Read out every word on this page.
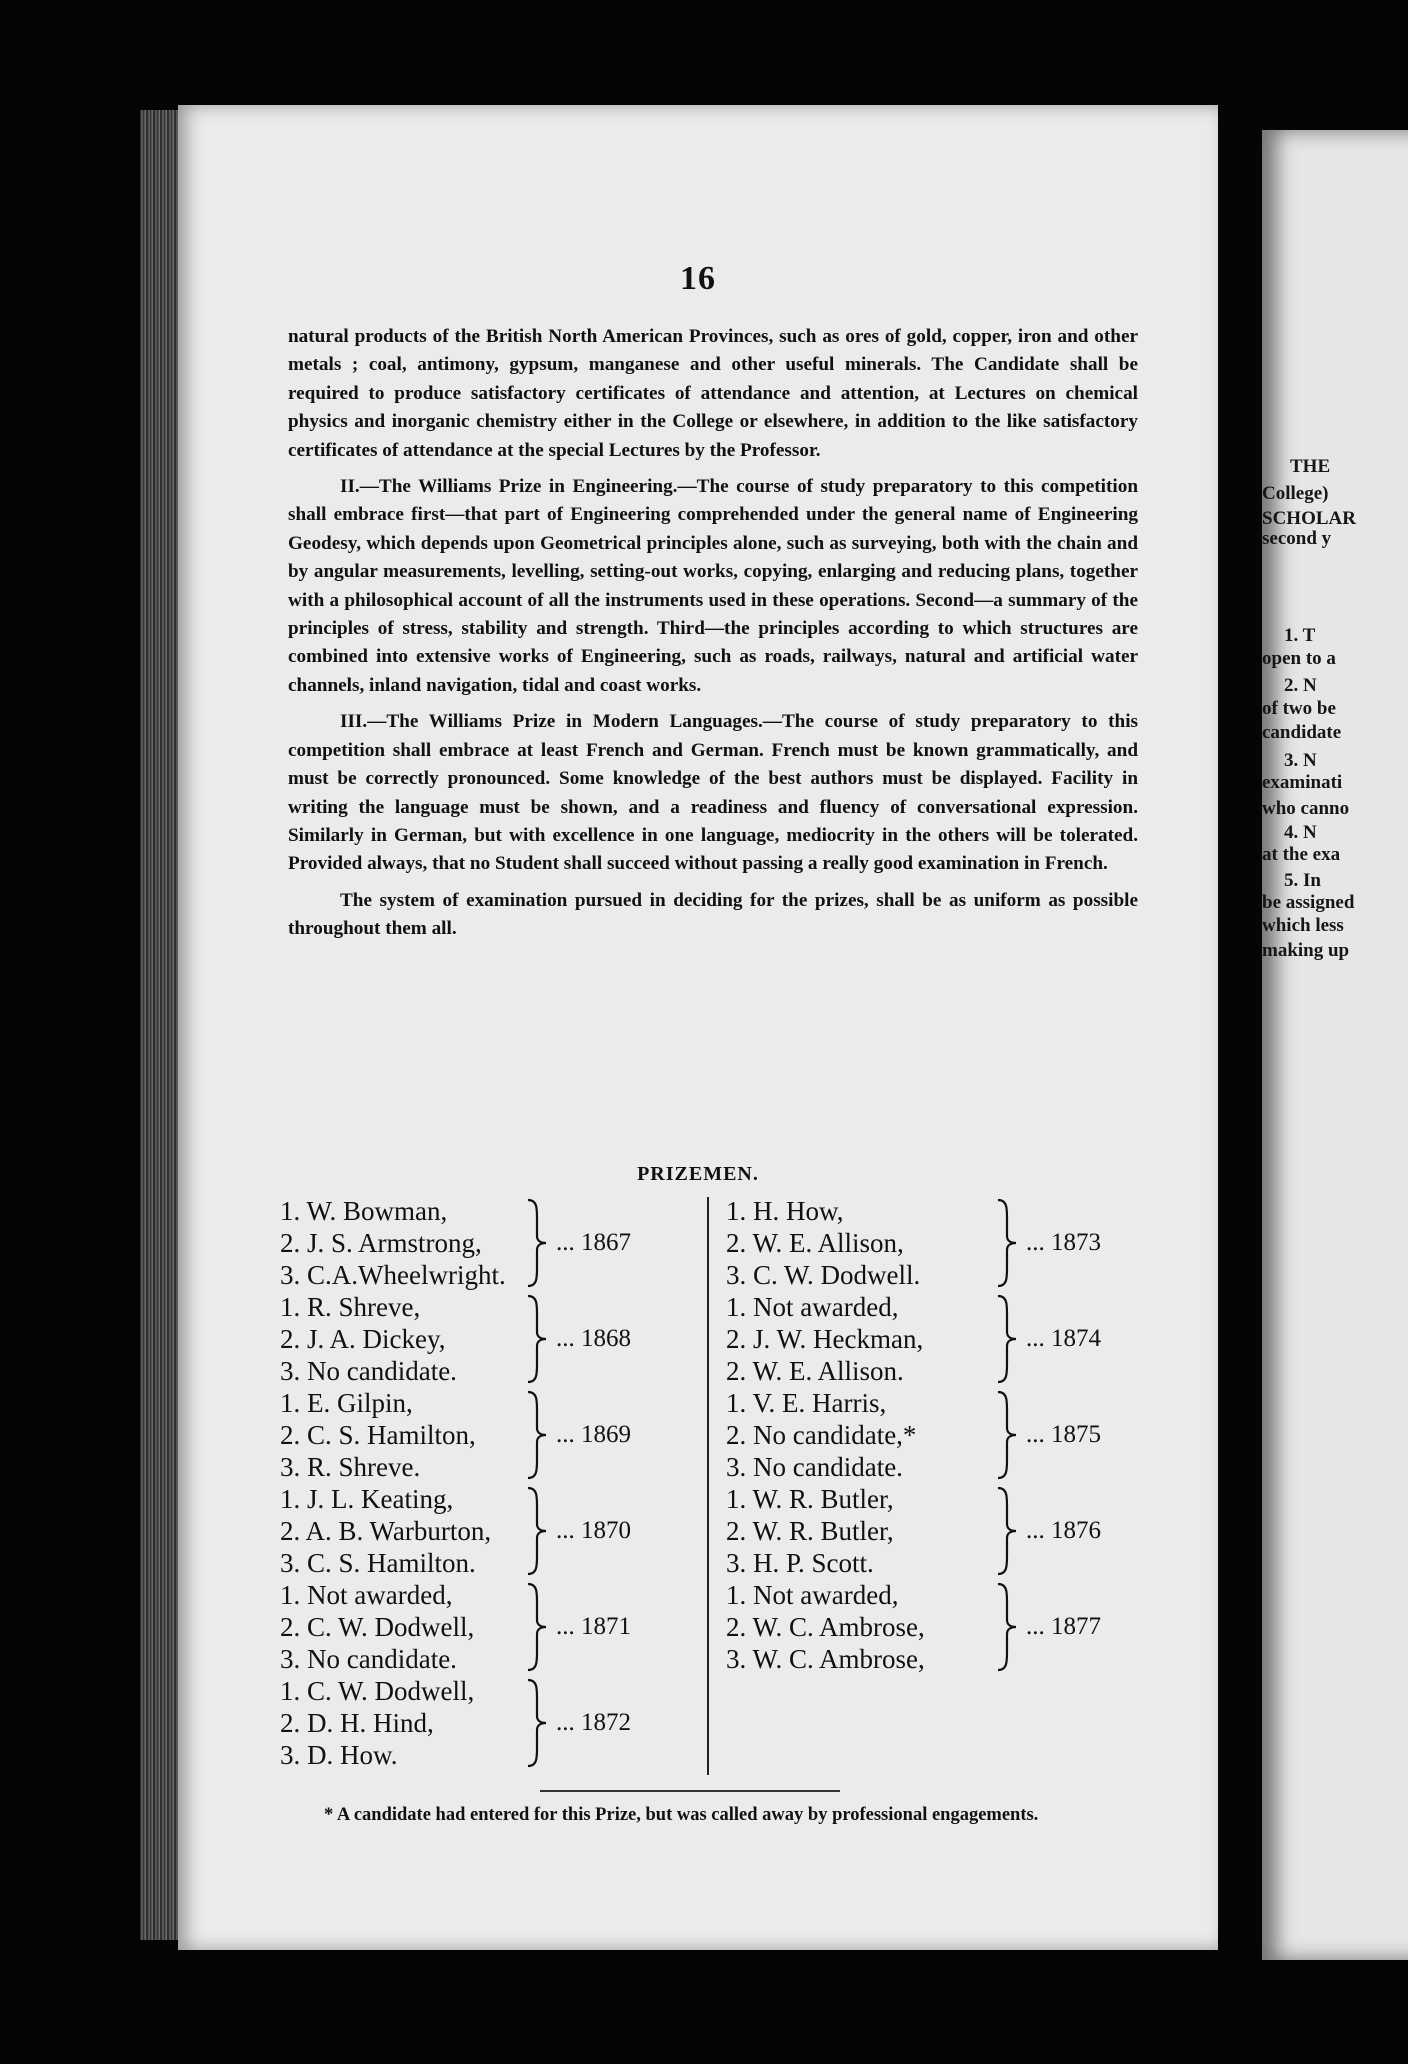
16

natural products of the British North American Provinces, such as ores of gold, copper, iron and other metals ; coal, antimony, gypsum, manganese and other useful minerals. The Candidate shall be required to produce satisfactory certificates of attendance and attention, at Lectures on chemical physics and inorganic chemistry either in the College or elsewhere, in addition to the like satisfactory certificates of attendance at the special Lectures by the Professor.

II.—The Williams Prize in Engineering.—The course of study preparatory to this competition shall embrace first—that part of Engineering comprehended under the general name of Engineering Geodesy, which depends upon Geometrical principles alone, such as surveying, both with the chain and by angular measurements, levelling, setting-out works, copying, enlarging and reducing plans, together with a philosophical account of all the instruments used in these operations. Second—a summary of the principles of stress, stability and strength. Third—the principles according to which structures are combined into extensive works of Engineering, such as roads, railways, natural and artificial water channels, inland navigation, tidal and coast works.

III.—The Williams Prize in Modern Languages.—The course of study preparatory to this competition shall embrace at least French and German. French must be known grammatically, and must be correctly pronounced. Some knowledge of the best authors must be displayed. Facility in writing the language must be shown, and a readiness and fluency of conversational expression. Similarly in German, but with excellence in one language, mediocrity in the others will be tolerated. Provided always, that no Student shall succeed without passing a really good examination in French.

The system of examination pursued in deciding for the prizes, shall be as uniform as possible throughout them all.

PRIZEMEN.
1. W. Bowman,
2. J. S. Armstrong,
3. C.A.Wheelwright.
... 1867
1. R. Shreve,
2. J. A. Dickey,
3. No candidate.
... 1868
1. E. Gilpin,
2. C. S. Hamilton,
3. R. Shreve.
... 1869
1. J. L. Keating,
2. A. B. Warburton,
3. C. S. Hamilton.
... 1870
1. Not awarded,
2. C. W. Dodwell,
3. No candidate.
... 1871
1. C. W. Dodwell,
2. D. H. Hind,
3. D. How.
... 1872
1. H. How,
2. W. E. Allison,
3. C. W. Dodwell.
... 1873
1. Not awarded,
2. J. W. Heckman,
2. W. E. Allison.
... 1874
1. V. E. Harris,
2. No candidate,*
3. No candidate.
... 1875
1. W. R. Butler,
2. W. R. Butler,
3. H. P. Scott.
... 1876
1. Not awarded,
2. W. C. Ambrose,
3. W. C. Ambrose,
... 1877
* A candidate had entered for this Prize, but was called away by professional engagements.
THE
College)
SCHOLAR
second y
1. T
open to a
2. N
of two be
candidate
3. N
examinati
who canno
4. N
at the exa
5. In
be assigned
which less
making up
